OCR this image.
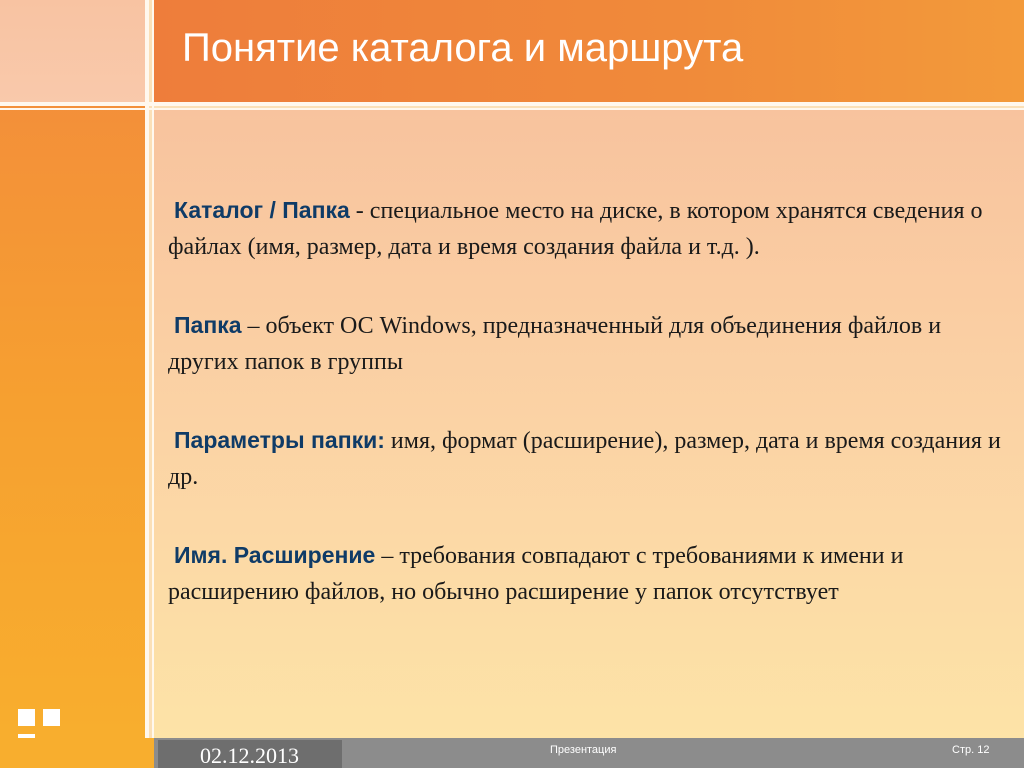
Понятие каталога и маршрута

Каталог / Папка - специальное место на диске, в котором хранятся сведения о файлах (имя, размер, дата и время создания файла и т.д. ).

Папка – объект ОС Windows, предназначенный для объединения файлов и других папок в группы

Параметры папки: имя, формат (расширение), размер, дата и время создания и др.

Имя. Расширение – требования совпадают с требованиями к имени и расширению файлов, но обычно расширение у папок отсутствует

02.12.2013	Презентация	Стр. 12
